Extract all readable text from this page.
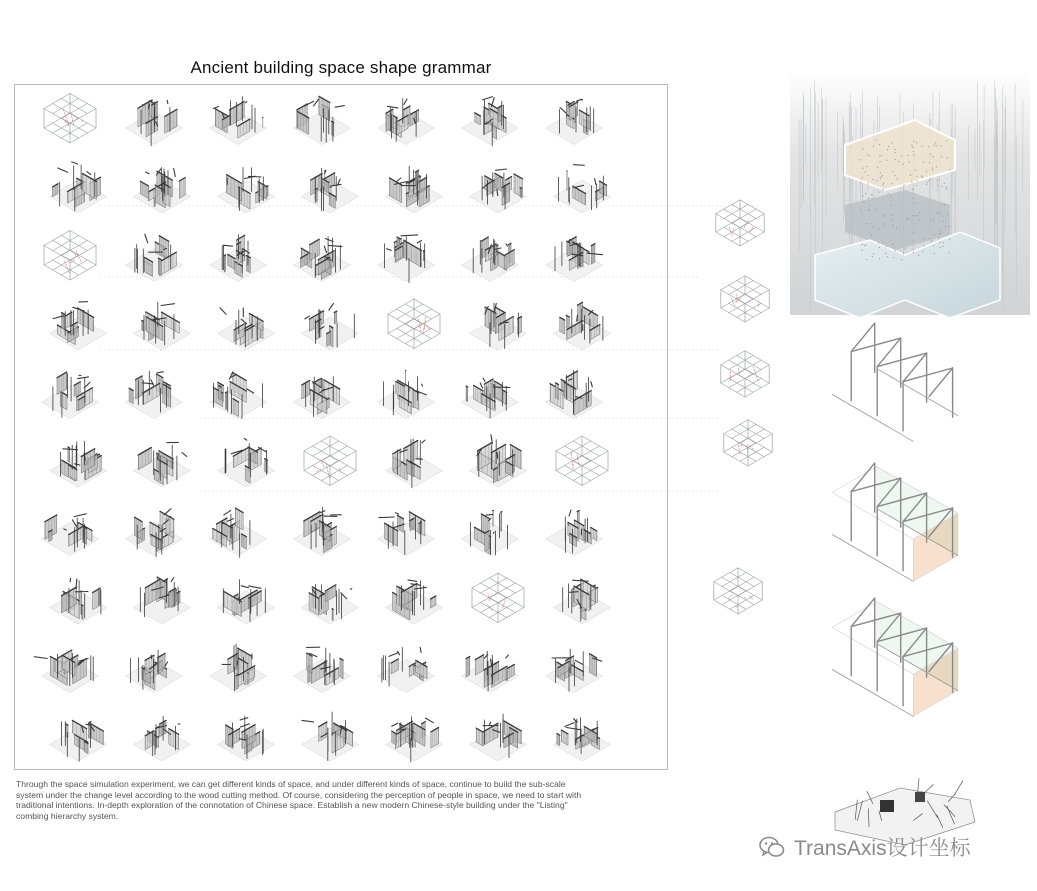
Ancient building space shape grammar
Through the space simulation experiment, we can get different kinds of space, and under different kinds of space, continue to build the sub-scale system under the change level according to the wood cutting method. Of course, considering the perception of people in space, we need to start with traditional intentions. In-depth exploration of the connotation of Chinese space. Establish a new modern Chinese-style building under the "Listing" combing hierarchy system.
TransAxis设计坐标
